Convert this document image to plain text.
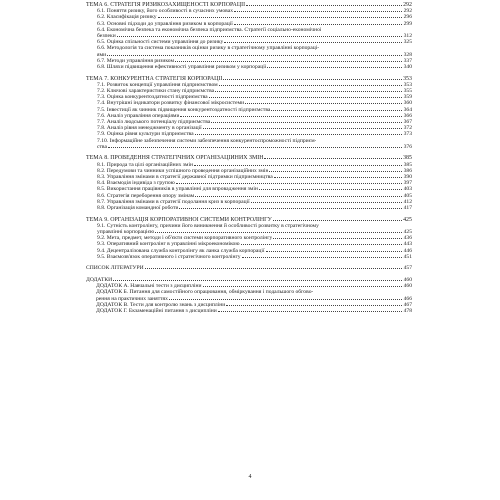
ТЕМА 6. СТРАТЕГІЯ РИЗИКОЗАХИЩЕНОСТІ КОРПОРАЦІЇ	292
6.1. Поняття ризику, його особливості в сучасних умовах	292
6.2. Класифікація ризику	296
6.3. Основні підходи до управління ризиком в корпорації	299
6.4. Економічна безпека та економічна безпека підприємства. Стратегії соціально-економічної
безпеки	312
6.5. Оцінка спільності системи управління до ризику	325
6.6. Методологія та система показників оцінки ризику в стратегічному управлінні корпораці-
ями	328
6.7. Методи управління ризиком	337
6.8. Шляхи підвищення ефективності управління ризиком у корпорації	340
ТЕМА 7. КОНКУРЕНТНА СТРАТЕГІЯ КОРПОРАЦІЇ	353
7.1. Розвиток концепції управління підприємством	353
7.2. Ключові характеристики стану підприємства	355
7.3. Оцінка конкурентоздатності підприємства	359
7.4. Внутрішні індикатори розвитку фінансової мікросистеми	360
7.5. Інвестиції як чинник підвищення конкурентоздатності підприємства	364
7.6. Аналіз управління операціями	366
7.7. Аналіз людського потенціалу підприємства	367
7.8. Аналіз рівня менеджменту в організації	372
7.9. Оцінка рівня культури підприємства	373
7.10. Інформаційне забезпечення системи забезпечення конкурентоспроможності підприєм-
ства	376
ТЕМА 8. ПРОВЕДЕННЯ СТРАТЕГІЧНИХ ОРГАНІЗАЦІЙНИХ ЗМІН	385
8.1. Природа та цілі організаційних змін	385
8.2. Передумови та чинники успішного проведення організаційних змін	386
8.3. Управління змінами в стратегії державної підтримки підприємництва	390
8.4. Взаємодія індивіда з групою	397
8.5. Використання працівників в управлінні для впровадження змін	403
8.6. Стратегія переборення опору змінам	405
8.7. Управління змінами в стратегії подолання криз в корпорації	412
8.8. Організація командної роботи	417
ТЕМА 9. ОРГАНІЗАЦІЯ КОРПОРАТИВНОЇ СИСТЕМИ КОНТРОЛІНГУ	425
9.1. Сутність контролінгу, причини його виникнення й особливості розвитку в стратегічному
управлінні корпорацією	425
9.2. Мета, предмет, методи і об'єкти системи корпоративного контролінгу	436
9.3. Оперативний контролінг в управлінні мікроекономікою	443
9.4. Децентралізована служба контролінгу як ланка служба корпорації	446
9.5. Взаємозв'язок оперативного і стратегічного контролінгу	451
СПИСОК ЛІТЕРАТУРИ	457
ДОДАТКИ	460
ДОДАТОК А. Навчальні тести з дисципліни	460
ДОДАТОК Б. Питання для самостійного опрацювання, обміркування і подальшого обгово-
рення на практичних заняттях	466
ДОДАТОК В. Тести для контролю знань з дисципліни	467
ДОДАТОК Г. Екзаменаційні питання з дисципліни	478
4
